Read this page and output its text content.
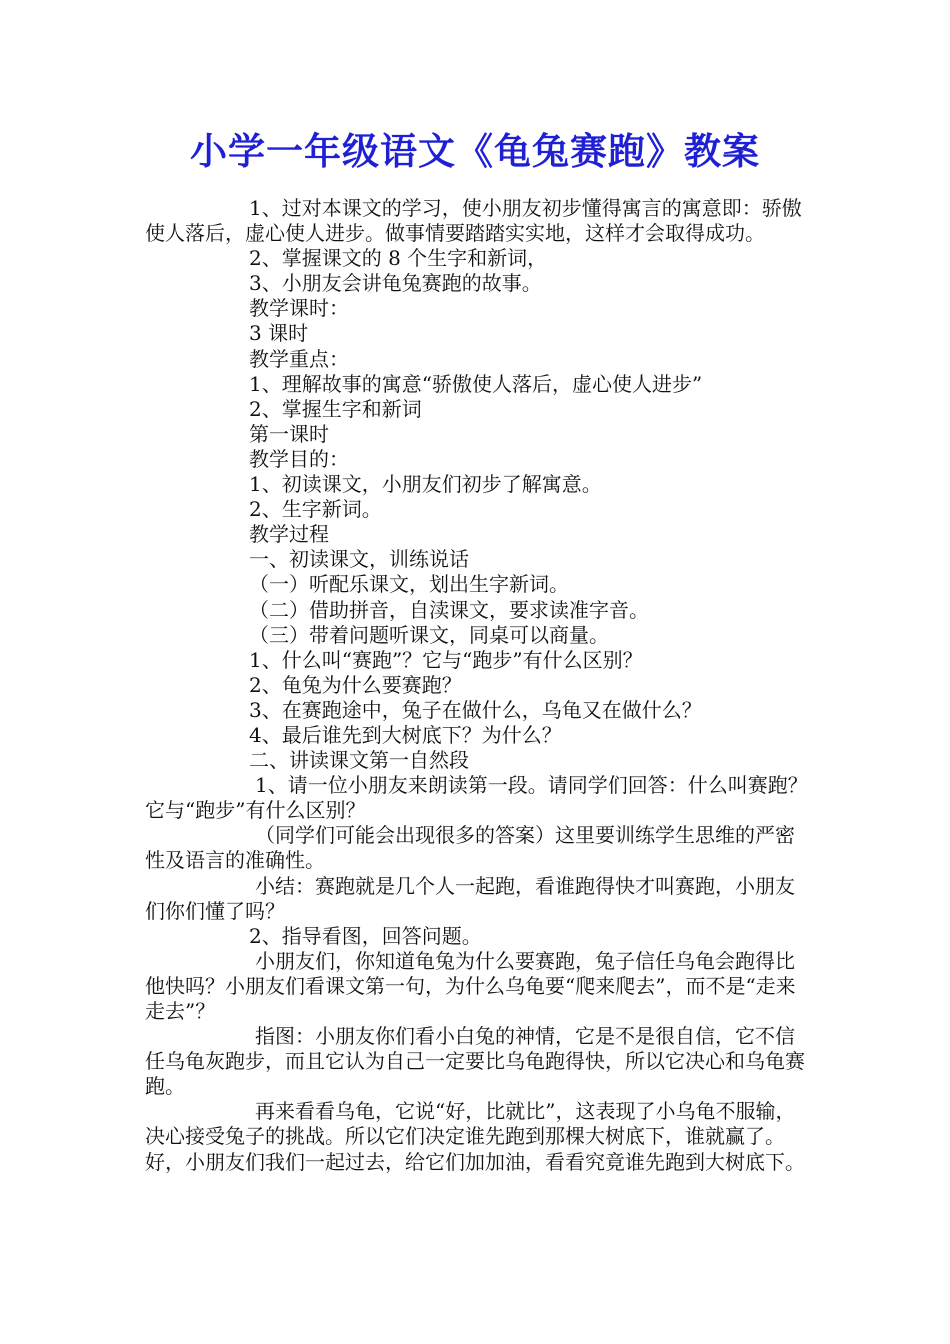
小学一年级语文《龟兔赛跑》教案

1、过对本课文的学习，使小朋友初步懂得寓言的寓意即：骄傲使人落后，虚心使人进步。做事情要踏踏实实地，这样才会取得成功。

2、掌握课文的 8 个生字和新词，

3、小朋友会讲龟兔赛跑的故事。

教学课时：

3 课时

教学重点：

1、理解故事的寓意“骄傲使人落后，虚心使人进步”

2、掌握生字和新词

第一课时

教学目的：

1、初读课文，小朋友们初步了解寓意。

2、生字新词。

教学过程

一、初读课文，训练说话

（一）听配乐课文，划出生字新词。

（二）借助拼音，自渎课文，要求读准字音。

（三）带着问题听课文，同桌可以商量。

1、什么叫“赛跑”？它与“跑步”有什么区别？

2、龟兔为什么要赛跑？

3、在赛跑途中，兔子在做什么，乌龟又在做什么？

4、最后谁先到大树底下？为什么？

二、讲读课文第一自然段

1、请一位小朋友来朗读第一段。请同学们回答：什么叫赛跑？它与“跑步”有什么区别？

（同学们可能会出现很多的答案）这里要训练学生思维的严密性及语言的准确性。

小结：赛跑就是几个人一起跑，看谁跑得快才叫赛跑，小朋友们你们懂了吗？

2、指导看图，回答问题。

小朋友们，你知道龟兔为什么要赛跑，兔子信任乌龟会跑得比他快吗？小朋友们看课文第一句，为什么乌龟要“爬来爬去”，而不是“走来走去”？

指图：小朋友你们看小白兔的神情，它是不是很自信，它不信任乌龟灰跑步，而且它认为自己一定要比乌龟跑得快，所以它决心和乌龟赛跑。

再来看看乌龟，它说“好，比就比”，这表现了小乌龟不服输，决心接受兔子的挑战。所以它们决定谁先跑到那棵大树底下，谁就赢了。好，小朋友们我们一起过去，给它们加加油，看看究竟谁先跑到大树底下。
